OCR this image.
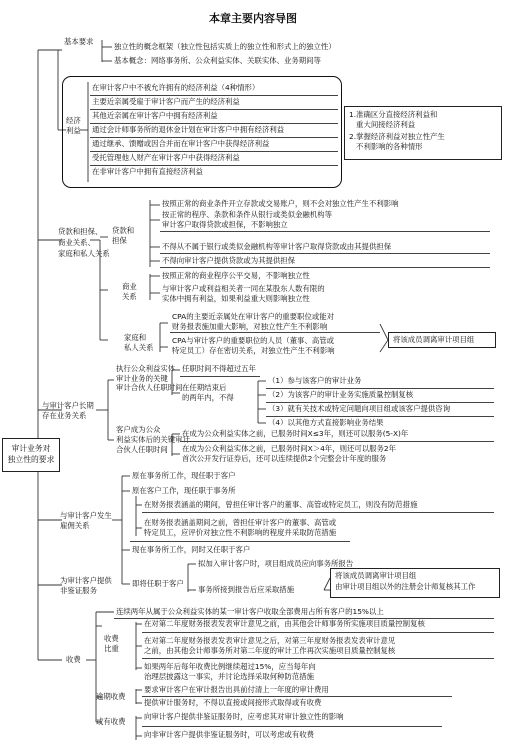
本章主要内容导图
审计业务对
独立性的要求
基本要求
独立性的概念框架（独立性包括实质上的独立性和形式上的独立性）
基本概念：网络事务所、公众利益实体、关联实体、业务期间等
经济
利益
在审计客户中不被允许拥有的经济利益（4种情形）
主要近亲属受雇于审计客户而产生的经济利益
其他近亲属在审计客户中拥有经济利益
通过会计师事务所的退休金计划在审计客户中拥有经济利益
通过继承、馈赠或因合并而在审计客户中获得经济利益
受托管理他人财产在审计客户中获得经济利益
在非审计客户中拥有直接经济利益
1.准确区分直接经济利益和
重大间接经济利益
2.掌握经济利益对独立性产生
不利影响的各种情形
贷款和担保、
商业关系、
家庭和私人关系
贷款和
担保
按照正常的商业条件开立存款或交易账户，则不会对独立性产生不利影响
按正常的程序、条款和条件从银行或类似金融机构等
审计客户取得贷款或担保，不影响独立
不得从不属于银行或类似金融机构等审计客户取得贷款或由其提供担保
不得向审计客户提供贷款或为其提供担保
商业
关系
按照正常的商业程序公平交易，不影响独立性
与审计客户或利益相关者一同在某股东人数有限的
实体中拥有利益，如果利益重大则影响独立性
家庭和
私人关系
CPA的主要近亲属处在审计客户的重要职位或能对
财务报表施加重大影响，对独立性产生不利影响
CPA与审计客户的重要职位的人员（董事、高管或
特定员工）存在密切关系，对独立性产生不利影响
将该成员调离审计项目组
与审计客户长期
存在业务关系
执行公众利益实体
审计业务的关键
审计合伙人任职时间
任职时间不得超过五年
在任期结束后
的两年内，不得
（1）参与该客户的审计业务
（2）为该客户的审计业务实施质量控制复核
（3）就有关技术或特定问题向项目组或该客户提供咨询
（4）以其他方式直接影响业务结果
客户成为公众
利益实体后的关键审计
合伙人任职时间
在成为公众利益实体之前，已服务时间X≤3年，则还可以服务(5-X)年
在成为公众利益实体之前，已服务时间X＞4年，则还可以服务2年
首次公开发行证券后，还可以连续提供2个完整会计年度的服务
与审计客户发生
雇佣关系
原在事务所工作，现任职于客户
原在客户工作，现任职于事务所
在财务报表涵盖的期间，曾担任审计客户的董事、高管或特定员工，则没有防范措施
在财务报表涵盖期间之前，曾担任审计客户的董事、高管或
特定员工，应评价对独立性不利影响的程度并采取防范措施
现在事务所工作，同时又任职于客户
即将任职于客户
拟加入审计客户时，项目组成员应向事务所报告
事务所接到报告后应采取措施
将该成员调离审计项目组
由审计项目组以外的注册会计师复核其工作
为审计客户提供
非鉴证服务
收费
连续两年从属于公众利益实体的某一审计客户收取全部费用占所有客户的15%以上
收费
比重
在对第二年度财务报表发表审计意见之前，由其他会计师事务所实施项目质量控制复核
在对第二年度财务报表发表审计意见之后，对第三年度财务报表发表审计意见
之前，由其他会计师事务所对第二年度的审计工作再次实施项目质量控制复核
如果两年后每年收费比例继续超过15%，应当每年向
治理层披露这一事实，并讨论选择采取何种防范措施
逾期收费
要求审计客户在审计报告出具前付清上一年度的审计费用
提供审计服务时，不得以直接或间接形式取得或有收费
或有收费
向审计客户提供非鉴证服务时，应考虑其对审计独立性的影响
向非审计客户提供非鉴证服务时，可以考虑或有收费
